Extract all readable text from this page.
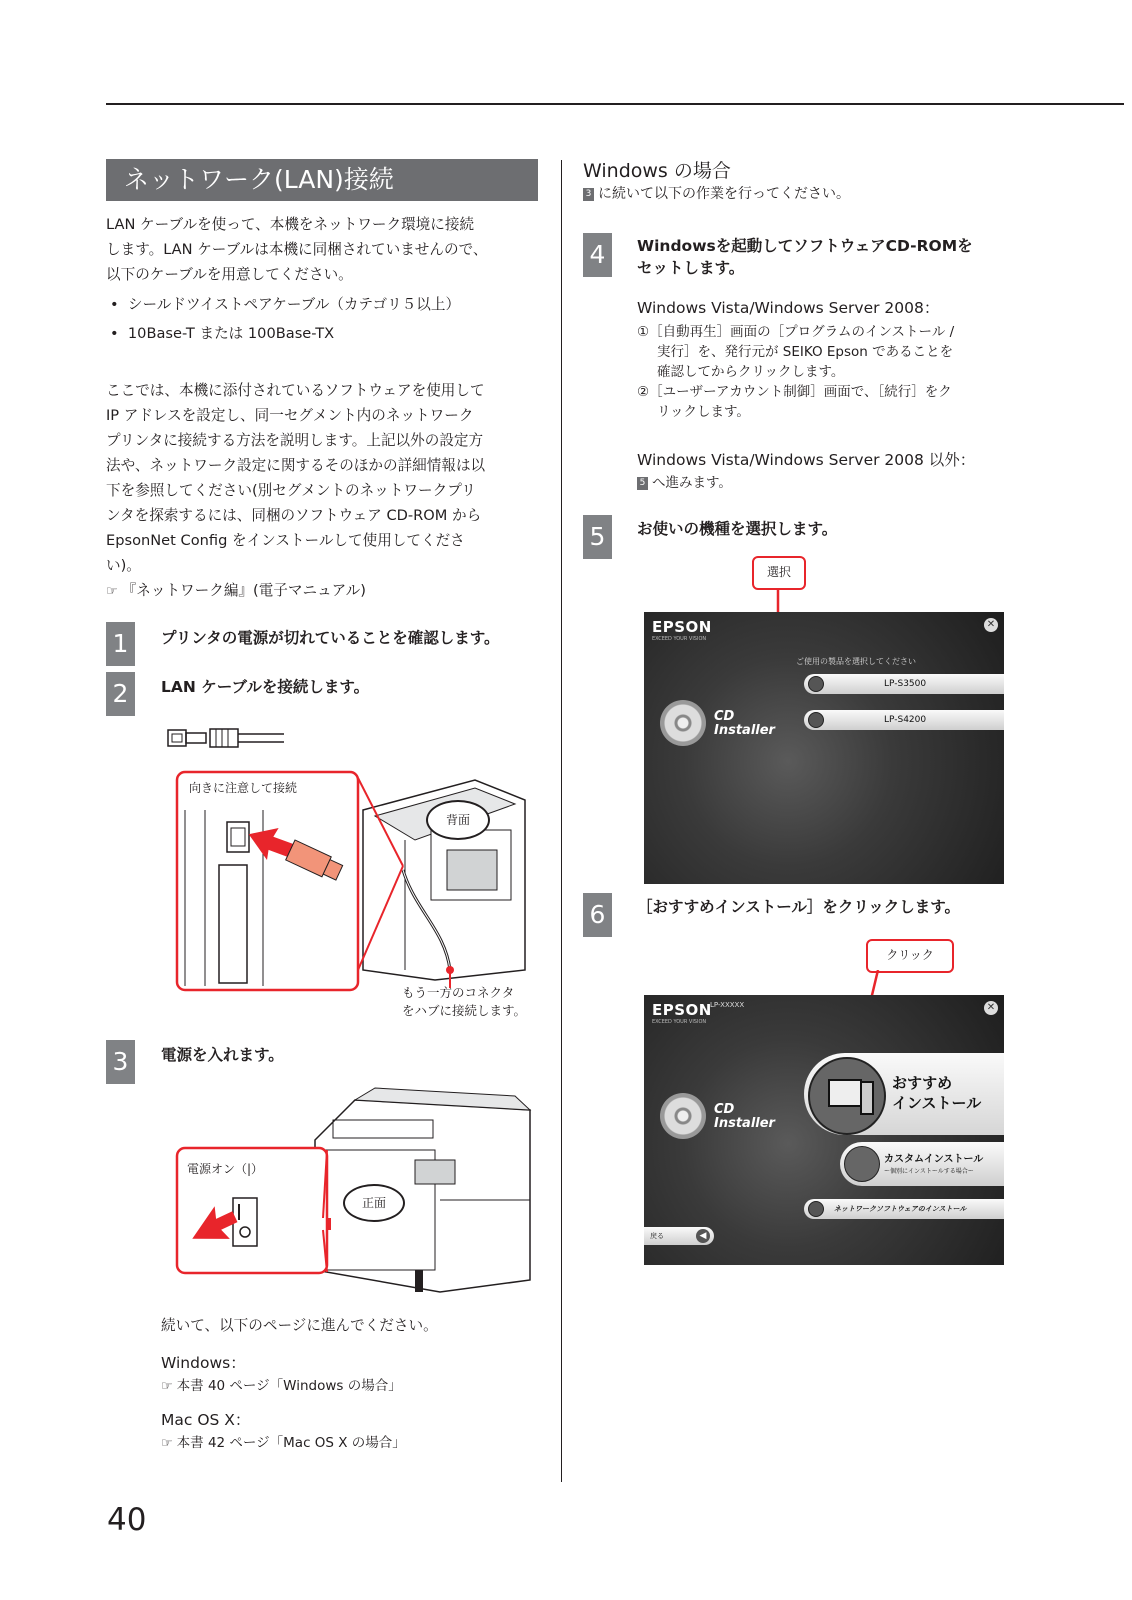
ネットワーク(LAN)接続
LAN ケーブルを使って、本機をネットワーク環境に接続
します。LAN ケーブルは本機に同梱されていませんので、
以下のケーブルを用意してください。
•  シールドツイストペアケーブル（カテゴリ５以上）
•  10Base-T または 100Base-TX
ここでは、本機に添付されているソフトウェアを使用して
IP アドレスを設定し、同一セグメント内のネットワーク
プリンタに接続する方法を説明します。上記以外の設定方
法や、ネットワーク設定に関するそのほかの詳細情報は以
下を参照してください(別セグメントのネットワークプリ
ンタを探索するには、同梱のソフトウェア CD-ROM から
EpsonNet Config をインストールして使用してくださ
い)。
☞ 『ネットワーク編』(電子マニュアル)
1	プリンタの電源が切れていることを確認します。
2	LAN ケーブルを接続します。
向きに注意して接続
背面
もう一方のコネクタ
をハブに接続します。
3	電源を入れます。
電源オン（|）
正面
続いて、以下のページに進んでください。
Windows：
☞ 本書 40 ページ「Windows の場合」
Mac OS X：
☞ 本書 42 ページ「Mac OS X の場合」
Windows の場合
3 に続いて以下の作業を行ってください。
4	Windowsを起動してソフトウェアCD-ROMを
セットします。
Windows Vista/Windows Server 2008：
①［自動再生］画面の［プログラムのインストール /
実行］を、発行元が SEIKO Epson であることを
確認してからクリックします。
②［ユーザーアカウント制御］画面で、［続行］をク
リックします。
Windows Vista/Windows Server 2008 以外：
5 へ進みます。
5	お使いの機種を選択します。
選択
EPSON
EXCEED YOUR VISION
✕
CD
Installer
ご使用の製品を選択してください
LP-S3500
LP-S4200
6	［おすすめインストール］をクリックします。
クリック
EPSON
LP-XXXXX
EXCEED YOUR VISION
✕
CD
Installer
おすすめ
インストール
カスタムインストール
ー個別にインストールする場合ー
ネットワークソフトウェアのインストール
戻る	◀
40
